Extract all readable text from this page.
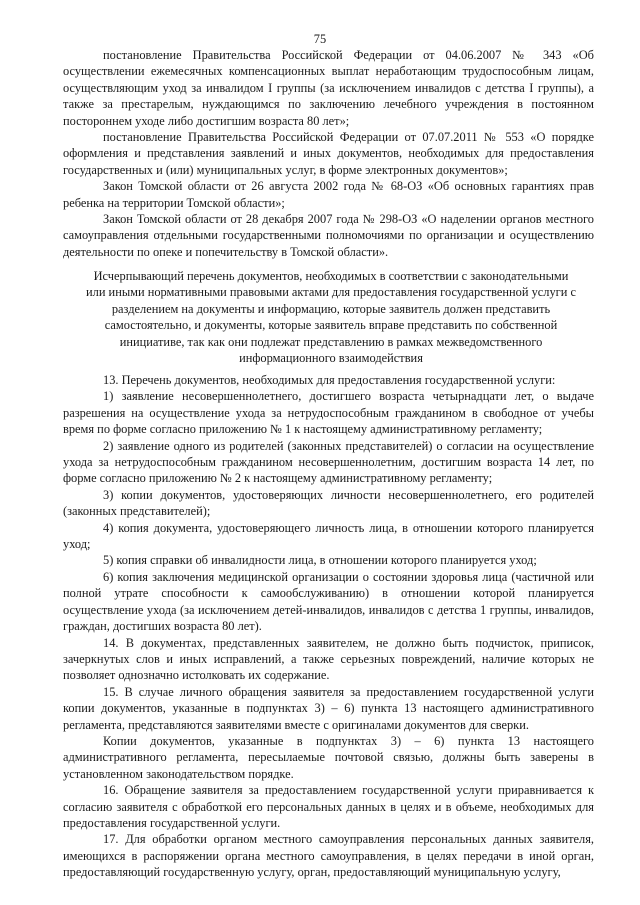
75

постановление Правительства Российской Федерации от 04.06.2007 № 343 «Об осуществлении ежемесячных компенсационных выплат неработающим трудоспособным лицам, осуществляющим уход за инвалидом I группы (за исключением инвалидов с детства I группы), а также за престарелым, нуждающимся по заключению лечебного учреждения в постоянном постороннем уходе либо достигшим возраста 80 лет»;

постановление Правительства Российской Федерации от 07.07.2011 № 553 «О порядке оформления и представления заявлений и иных документов, необходимых для предоставления государственных и (или) муниципальных услуг, в форме электронных документов»;

Закон Томской области от 26 августа 2002 года № 68-ОЗ «Об основных гарантиях прав ребенка на территории Томской области»;

Закон Томской области от 28 декабря 2007 года № 298-ОЗ «О наделении органов местного самоуправления отдельными государственными полномочиями по организации и осуществлению деятельности по опеке и попечительству в Томской области».

Исчерпывающий перечень документов, необходимых в соответствии с законодательными или иными нормативными правовыми актами для предоставления государственной услуги с разделением на документы и информацию, которые заявитель должен представить самостоятельно, и документы, которые заявитель вправе представить по собственной инициативе, так как они подлежат представлению в рамках межведомственного информационного взаимодействия

13. Перечень документов, необходимых для предоставления государственной услуги:

1) заявление несовершеннолетнего, достигшего возраста четырнадцати лет, о выдаче разрешения на осуществление ухода за нетрудоспособным гражданином в свободное от учебы время по форме согласно приложению № 1 к настоящему административному регламенту;

2) заявление одного из родителей (законных представителей) о согласии на осуществление ухода за нетрудоспособным гражданином несовершеннолетним, достигшим возраста 14 лет, по форме согласно приложению № 2 к настоящему административному регламенту;

3) копии документов, удостоверяющих личности несовершеннолетнего, его родителей (законных представителей);

4) копия документа, удостоверяющего личность лица, в отношении которого планируется уход;

5) копия справки об инвалидности лица, в отношении которого планируется уход;

6) копия заключения медицинской организации о состоянии здоровья лица (частичной или полной утрате способности к самообслуживанию) в отношении которой планируется осуществление ухода (за исключением детей-инвалидов, инвалидов с детства 1 группы, инвалидов, граждан, достигших возраста 80 лет).

14. В документах, представленных заявителем, не должно быть подчисток, приписок, зачеркнутых слов и иных исправлений, а также серьезных повреждений, наличие которых не позволяет однозначно истолковать их содержание.

15. В случае личного обращения заявителя за предоставлением государственной услуги копии документов, указанные в подпунктах 3) – 6) пункта 13 настоящего административного регламента, представляются заявителями вместе с оригиналами документов для сверки.

Копии документов, указанные в подпунктах 3) – 6) пункта 13 настоящего административного регламента, пересылаемые почтовой связью, должны быть заверены в установленном законодательством порядке.

16. Обращение заявителя за предоставлением государственной услуги приравнивается к согласию заявителя с обработкой его персональных данных в целях и в объеме, необходимых для предоставления государственной услуги.

17. Для обработки органом местного самоуправления персональных данных заявителя, имеющихся в распоряжении органа местного самоуправления, в целях передачи в иной орган, предоставляющий государственную услугу, орган, предоставляющий муниципальную услугу,
